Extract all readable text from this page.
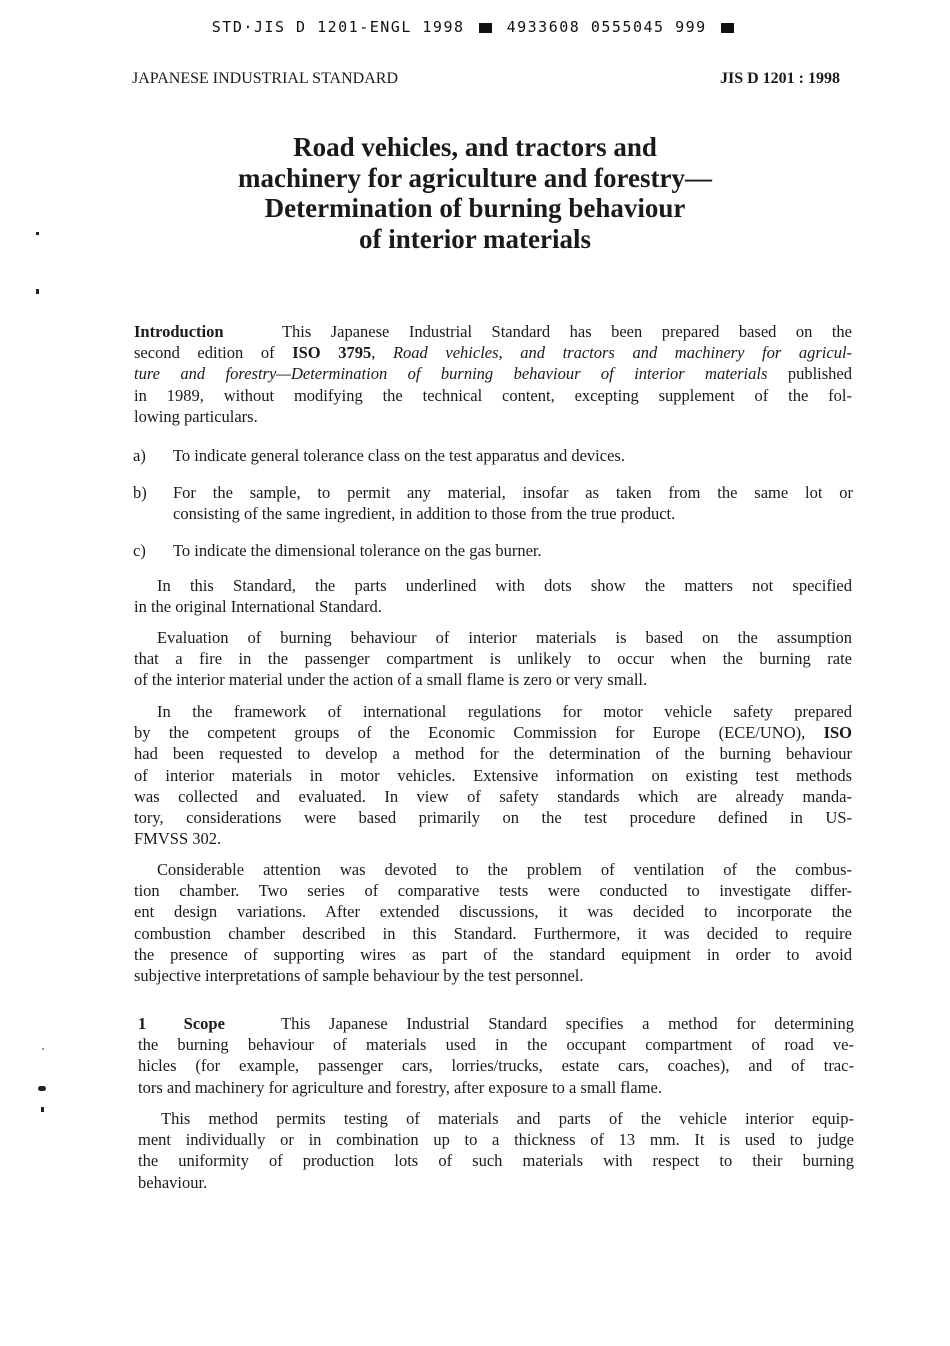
STD·JIS D 1201-ENGL 1998	4933608 0555045 999
JAPANESE INDUSTRIAL STANDARD	JIS D 1201 : 1998
Road vehicles, and tractors and
machinery for agriculture and forestry—
Determination of burning behaviour
of interior materials
Introduction	This Japanese Industrial Standard has been prepared based on the
second edition of ISO 3795, Road vehicles, and tractors and machinery for agricul-
ture and forestry—Determination of burning behaviour of interior materials published
in 1989, without modifying the technical content, excepting supplement of the fol-
lowing particulars.
a) To indicate general tolerance class on the test apparatus and devices.
b) For the sample, to permit any material, insofar as taken from the same lot or
consisting of the same ingredient, in addition to those from the true product.
c) To indicate the dimensional tolerance on the gas burner.
In this Standard, the parts underlined with dots show the matters not specified
in the original International Standard.
Evaluation of burning behaviour of interior materials is based on the assumption
that a fire in the passenger compartment is unlikely to occur when the burning rate
of the interior material under the action of a small flame is zero or very small.
In the framework of international regulations for motor vehicle safety prepared
by the competent groups of the Economic Commission for Europe (ECE/UNO), ISO
had been requested to develop a method for the determination of the burning behaviour
of interior materials in motor vehicles. Extensive information on existing test methods
was collected and evaluated. In view of safety standards which are already manda-
tory, considerations were based primarily on the test procedure defined in US-
FMVSS 302.
Considerable attention was devoted to the problem of ventilation of the combus-
tion chamber. Two series of comparative tests were conducted to investigate differ-
ent design variations. After extended discussions, it was decided to incorporate the
combustion chamber described in this Standard. Furthermore, it was decided to require
the presence of supporting wires as part of the standard equipment in order to avoid
subjective interpretations of sample behaviour by the test personnel.
1 Scope	This Japanese Industrial Standard specifies a method for determining
the burning behaviour of materials used in the occupant compartment of road ve-
hicles (for example, passenger cars, lorries/trucks, estate cars, coaches), and of trac-
tors and machinery for agriculture and forestry, after exposure to a small flame.
This method permits testing of materials and parts of the vehicle interior equip-
ment individually or in combination up to a thickness of 13 mm. It is used to judge
the uniformity of production lots of such materials with respect to their burning
behaviour.
